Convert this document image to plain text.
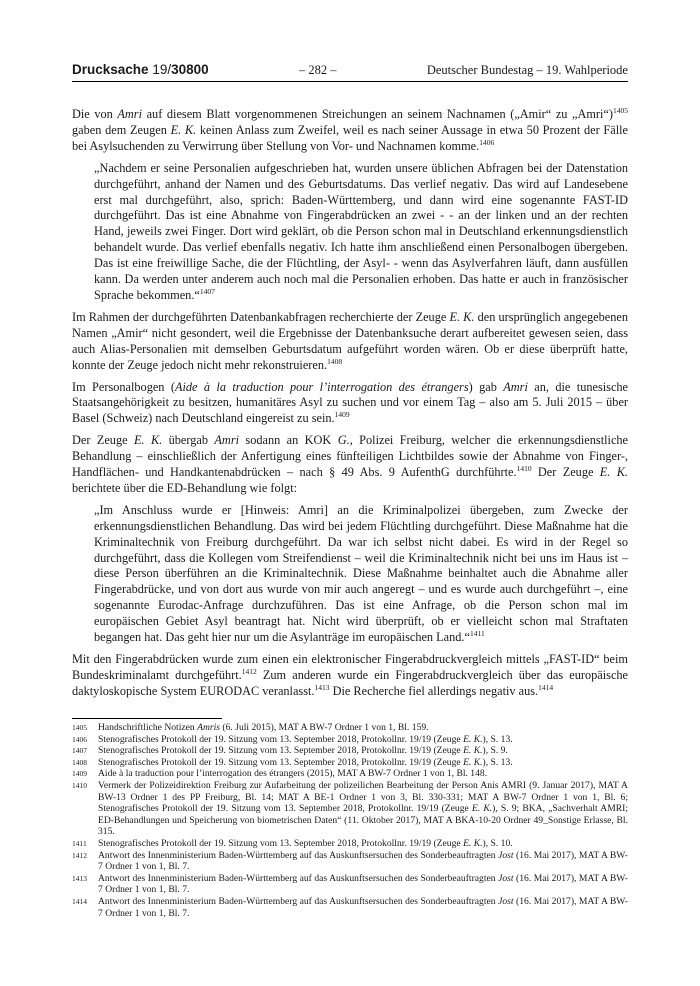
Drucksache 19/30800	– 282 –	Deutscher Bundestag – 19. Wahlperiode

Die von Amri auf diesem Blatt vorgenommenen Streichungen an seinem Nachnamen („Amir“ zu „Amri“)$^{1405}$ gaben dem Zeugen E. K. keinen Anlass zum Zweifel, weil es nach seiner Aussage in etwa 50 Prozent der Fälle bei Asylsuchenden zu Verwirrung über Stellung von Vor- und Nachnamen komme.$^{1406}$

„Nachdem er seine Personalien aufgeschrieben hat, wurden unsere üblichen Abfragen bei der Datenstation durchgeführt, anhand der Namen und des Geburtsdatums. Das verlief negativ. Das wird auf Landesebene erst mal durchgeführt, also, sprich: Baden-Württemberg, und dann wird eine sogenannte FAST-ID durchgeführt. Das ist eine Abnahme von Fingerabdrücken an zwei - - an der linken und an der rechten Hand, jeweils zwei Finger. Dort wird geklärt, ob die Person schon mal in Deutschland erkennungsdienstlich behandelt wurde. Das verlief ebenfalls negativ. Ich hatte ihm anschließend einen Personalbogen übergeben. Das ist eine freiwillige Sache, die der Flüchtling, der Asyl- - wenn das Asylverfahren läuft, dann ausfüllen kann. Da werden unter anderem auch noch mal die Personalien erhoben. Das hatte er auch in französischer Sprache bekommen.“$^{1407}$

Im Rahmen der durchgeführten Datenbankabfragen recherchierte der Zeuge E. K. den ursprünglich angegebenen Namen „Amir“ nicht gesondert, weil die Ergebnisse der Datenbanksuche derart aufbereitet gewesen seien, dass auch Alias-Personalien mit demselben Geburtsdatum aufgeführt worden wären. Ob er diese überprüft hatte, konnte der Zeuge jedoch nicht mehr rekonstruieren.$^{1408}$

Im Personalbogen (Aide à la traduction pour l’interrogation des étrangers) gab Amri an, die tunesische Staatsangehörigkeit zu besitzen, humanitäres Asyl zu suchen und vor einem Tag – also am 5. Juli 2015 – über Basel (Schweiz) nach Deutschland eingereist zu sein.$^{1409}$

Der Zeuge E. K. übergab Amri sodann an KOK G., Polizei Freiburg, welcher die erkennungsdienstliche Behandlung – einschließlich der Anfertigung eines fünfteiligen Lichtbildes sowie der Abnahme von Finger-, Handflächen- und Handkantenabdrücken – nach § 49 Abs. 9 AufenthG durchführte.$^{1410}$ Der Zeuge E. K. berichtete über die ED-Behandlung wie folgt:

„Im Anschluss wurde er [Hinweis: Amri] an die Kriminalpolizei übergeben, zum Zwecke der erkennungsdienstlichen Behandlung. Das wird bei jedem Flüchtling durchgeführt. Diese Maßnahme hat die Kriminaltechnik von Freiburg durchgeführt. Da war ich selbst nicht dabei. Es wird in der Regel so durchgeführt, dass die Kollegen vom Streifendienst – weil die Kriminaltechnik nicht bei uns im Haus ist – diese Person überführen an die Kriminaltechnik. Diese Maßnahme beinhaltet auch die Abnahme aller Fingerabdrücke, und von dort aus wurde von mir auch angeregt – und es wurde auch durchgeführt –, eine sogenannte Eurodac-Anfrage durchzuführen. Das ist eine Anfrage, ob die Person schon mal im europäischen Gebiet Asyl beantragt hat. Nicht wird überprüft, ob er vielleicht schon mal Straftaten begangen hat. Das geht hier nur um die Asylanträge im europäischen Land.“$^{1411}$

Mit den Fingerabdrücken wurde zum einen ein elektronischer Fingerabdruckvergleich mittels „FAST-ID“ beim Bundeskriminalamt durchgeführt.$^{1412}$ Zum anderen wurde ein Fingerabdruckvergleich über das europäische daktyloskopische System EURODAC veranlasst.$^{1413}$ Die Recherche fiel allerdings negativ aus.$^{1414}$

1405	Handschriftliche Notizen Amris (6. Juli 2015), MAT A BW-7 Ordner 1 von 1, Bl. 159.
1406	Stenografisches Protokoll der 19. Sitzung vom 13. September 2018, Protokollnr. 19/19 (Zeuge E. K.), S. 13.
1407	Stenografisches Protokoll der 19. Sitzung vom 13. September 2018, Protokollnr. 19/19 (Zeuge E. K.), S. 9.
1408	Stenografisches Protokoll der 19. Sitzung vom 13. September 2018, Protokollnr. 19/19 (Zeuge E. K.), S. 13.
1409	Aide à la traduction pour l’interrogation des étrangers (2015), MAT A BW-7 Ordner 1 von 1, Bl. 148.
1410	Vermerk der Polizeidirektion Freiburg zur Aufarbeitung der polizeilichen Bearbeitung der Person Anis AMRI (9. Januar 2017), MAT A BW-13 Ordner 1 des PP Freiburg, Bl. 14; MAT A BE-1 Ordner 1 von 3, Bl. 330-331; MAT A BW-7 Ordner 1 von 1, Bl. 6; Stenografisches Protokoll der 19. Sitzung vom 13. September 2018, Protokollnr. 19/19 (Zeuge E. K.), S. 9; BKA, „Sachverhalt AMRI; ED-Behandlungen und Speicherung von biometrischen Daten“ (11. Oktober 2017), MAT A BKA-10-20 Ordner 49_Sonstige Erlasse, Bl. 315.
1411	Stenografisches Protokoll der 19. Sitzung vom 13. September 2018, Protokollnr. 19/19 (Zeuge E. K.), S. 10.
1412	Antwort des Innenministerium Baden-Württemberg auf das Auskunftsersuchen des Sonderbeauftragten Jost (16. Mai 2017), MAT A BW-7 Ordner 1 von 1, Bl. 7.
1413	Antwort des Innenministerium Baden-Württemberg auf das Auskunftsersuchen des Sonderbeauftragten Jost (16. Mai 2017), MAT A BW-7 Ordner 1 von 1, Bl. 7.
1414	Antwort des Innenministerium Baden-Württemberg auf das Auskunftsersuchen des Sonderbeauftragten Jost (16. Mai 2017), MAT A BW-7 Ordner 1 von 1, Bl. 7.
